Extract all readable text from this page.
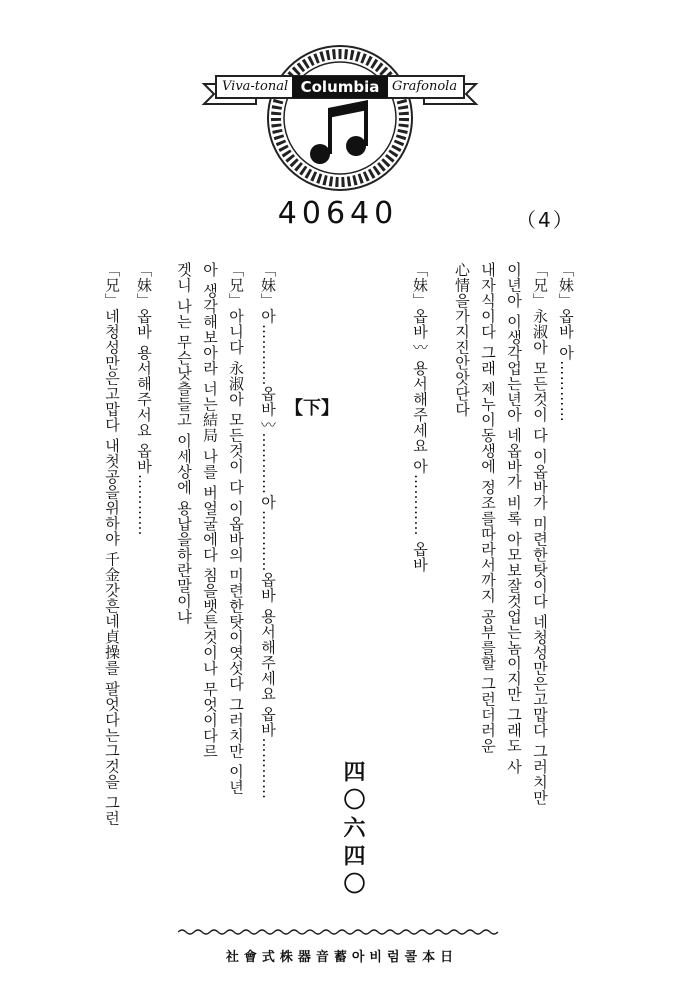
Viva-tonal Columbia Grafonola
40640	（4）
「妹」옵바 아…………
「兄」永淑아 모든것이 다 이옵바가 미련한탓이다 네청성만은고맙다 그러치만
이년아 이생각업는년아 네옵바가 비록 아모보잘것업는놈이지만 그래도 사
내자식이다 그래 제누이동생에 정조를따라서까지 공부를할 그런더러운
心情을가지진안앗단다
「妹」옵바〰 용서해주세요 아………… 옵바
「妹」아…………옵바〰…………아…………옵바 용서해주세요 옵바…………
「兄」아니다 永淑아 모든것이 다 이옵바의 미련한탓이엿섯다 그러치만 이년
아 생각해보아라 너는結局 나를 버얼굴에다 침을뱃튼것이나 무엇이다르
겟니 나는 무슨낫츨들고 이세상에 용납을하란말이냐
「妹」옵바 용서해주서요 옵바…………
「兄」네청성만은고맙다 내첫공을위하야 千金갓흔네貞操를 팔엇다는그것을 그런	【下】
四〇六四〇
社會式株器音蓄아비럼콜本日
